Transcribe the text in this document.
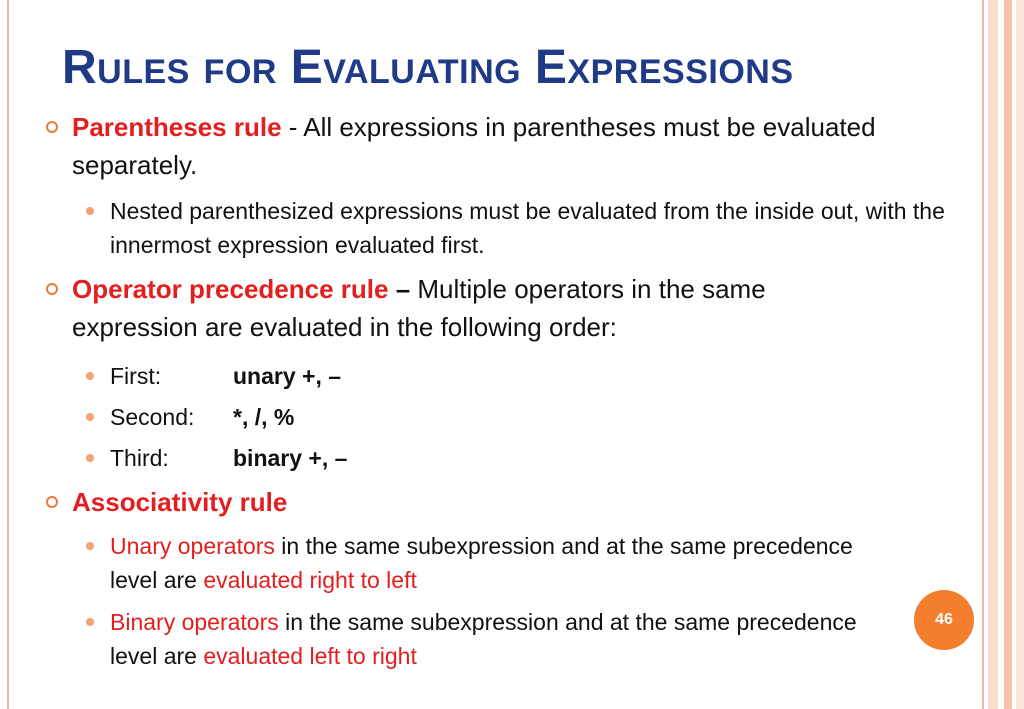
Rules for Evaluating Expressions
Parentheses rule - All expressions in parentheses must be evaluated separately.
Nested parenthesized expressions must be evaluated from the inside out, with the innermost expression evaluated first.
Operator precedence rule – Multiple operators in the same expression are evaluated in the following order:
First:	unary +, –
Second: *, /, %
Third:	binary +, –
Associativity rule
Unary operators in the same subexpression and at the same precedence level are evaluated right to left
Binary operators in the same subexpression and at the same precedence level are evaluated left to right
46
